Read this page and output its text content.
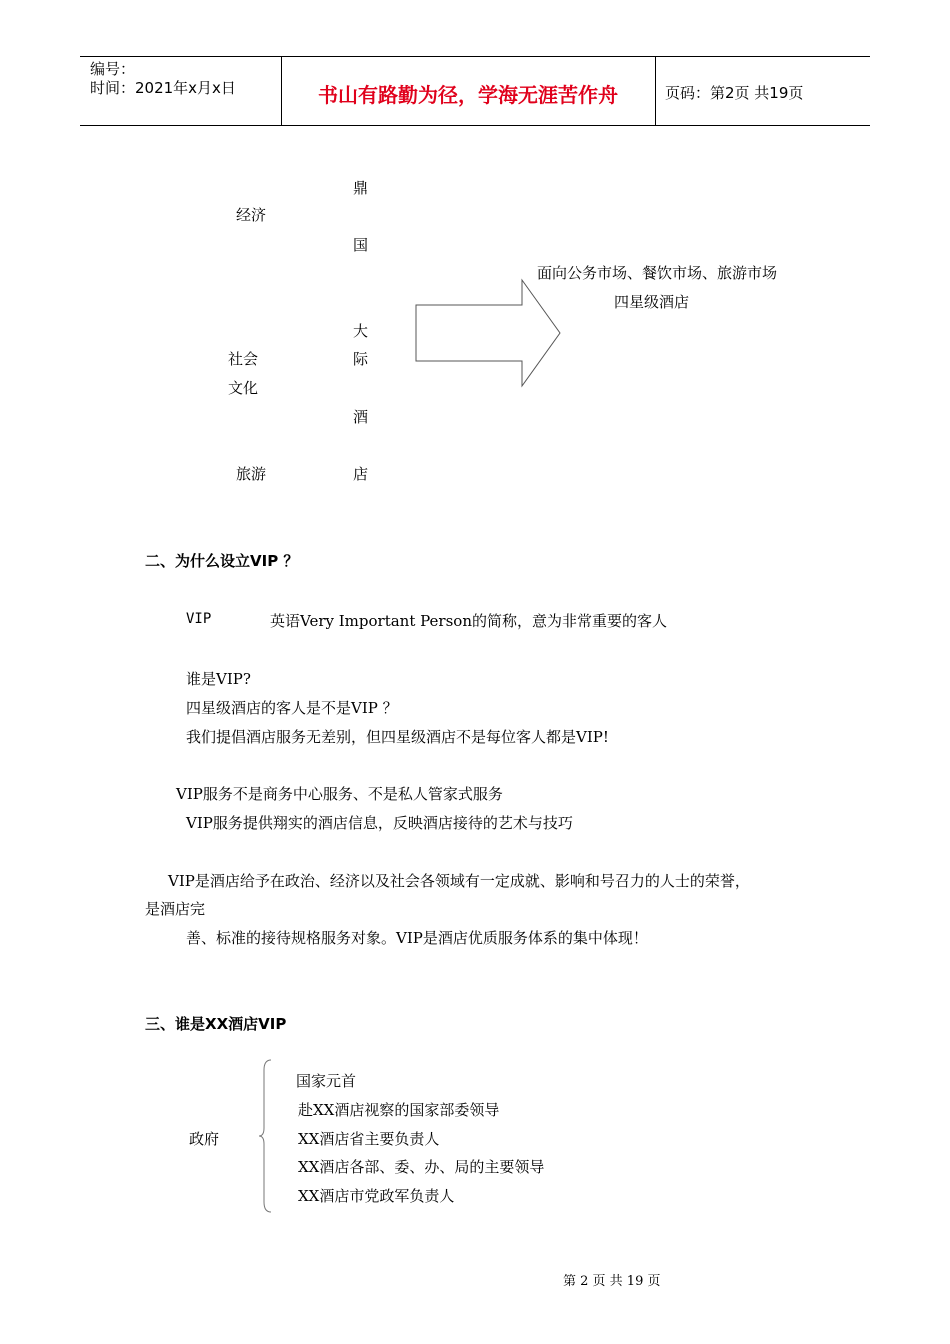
编号：
时间：2021年x月x日	书山有路勤为径，学海无涯苦作舟	页码：第2页 共19页
经济
社会
文化
旅游
鼎
国
大
际
酒
店
面向公务市场、餐饮市场、旅游市场
四星级酒店
二、为什么设立VIP ？
VIP	英语Very Important Person的简称，意为非常重要的客人
谁是VIP?
四星级酒店的客人是不是VIP ？
我们提倡酒店服务无差别，但四星级酒店不是每位客人都是VIP!
VIP服务不是商务中心服务、不是私人管家式服务
VIP服务提供翔实的酒店信息，反映酒店接待的艺术与技巧
VIP是酒店给予在政治、经济以及社会各领域有一定成就、影响和号召力的人士的荣誉，
是酒店完
善、标准的接待规格服务对象。VIP是酒店优质服务体系的集中体现！
三、谁是XX酒店VIP
政府
国家元首
赴XX酒店视察的国家部委领导
XX酒店省主要负责人
XX酒店各部、委、办、局的主要领导
XX酒店市党政军负责人
第 2 页 共 19 页
